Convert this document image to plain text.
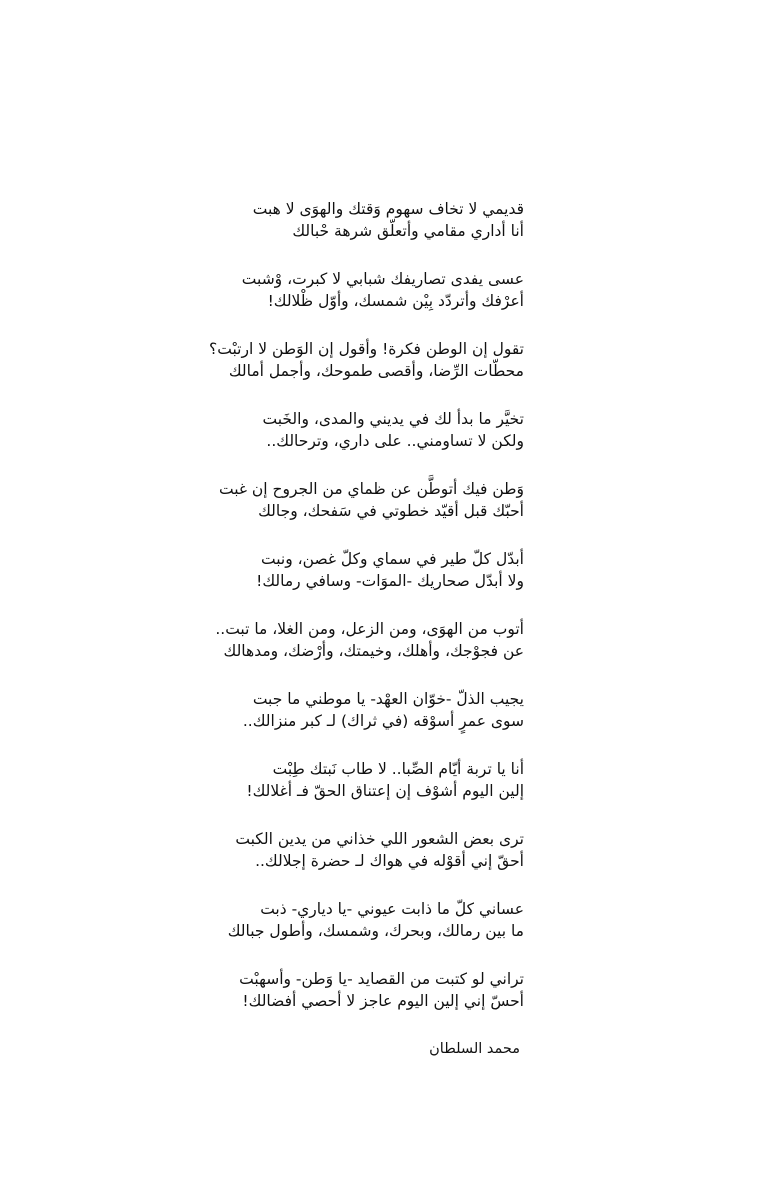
قديمي لا تخاف سهوم وَقتك والهوَى لا هبت
أنا أداري مقامي وأتعلّق شرهة حْبالك
عسى يفدى تصاريفك شبابي لا كبرت، وْشبت
أعرْفك وأتردّد بِيْن شمسك، وأوّل ظْلالك!
تقول إن الوطن فكرة! وأقول إن الوَطن لا ارتبْت؟
محطّات الرِّضا، وأقصى طموحك، وأجمل أمالك
تخيَّر ما بدأ لك في يديني والمدى، والخَبت
ولكن لا تساومني.. على داري، وترحالك..
وَطن فيك أتوطَّن عن ظماي من الجروح إن غبت
أحبّك قبل أقيّد خطوتي في سَفحك، وجالك
أبدّل كلّ طير في سماي وكلّ غصن، ونبت
ولا أبدّل صحاريك -الموَات- وسافي رمالك!
أتوب من الهوَى، ومن الزعل، ومن الغلا، ما تبت..
عن فجوْجك، وأهلك، وخيمتك، وأرْضك، ومدهالك
يجيب الذلّ -خوّان العهْد- يا موطني ما جبت
سوى عمرٍ أسوْقه (في ثراك) لـ كبر منزالك..
أنا يا تربة أيّام الصِّبا.. لا طاب نَبتك طِبْت
إلين اليوم أشوْف إن إعتناق الحقّ فـ أغلالك!
ترى بعض الشعور اللي خذاني من يدين الكبت
أحقّ إني أقوْله في هواك لـ حضرة إجلالك..
عساني كلّ ما ذابت عيوني -يا دياري- ذبت
ما بين رمالك، وبحرك، وشمسك، وأطول جبالك
تراني لو كتبت من القصايد -يا وَطن- وأسهبْت
أحسّ إني إلين اليوم عاجز لا أحصي أفضالك!
محمد السلطان
